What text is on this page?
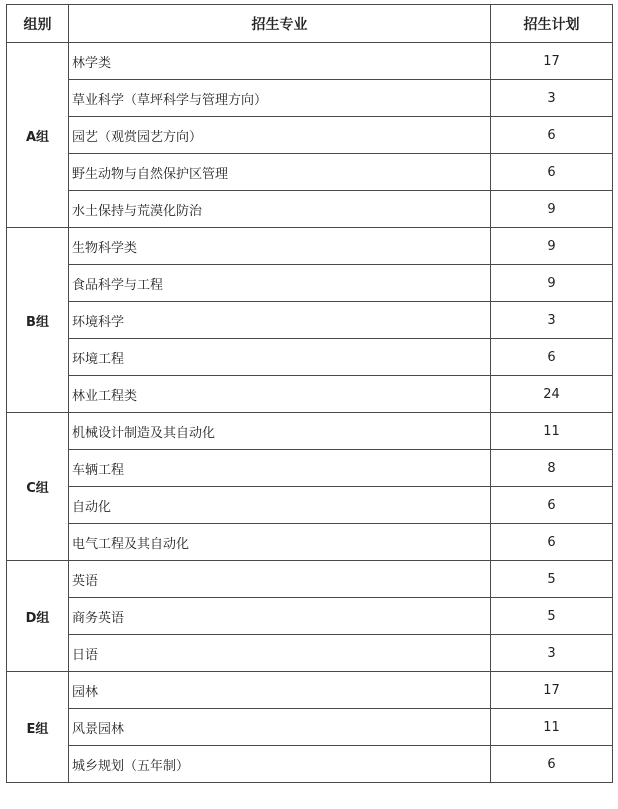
组别	招生专业	招生计划
A组	林学类	17
	草业科学（草坪科学与管理方向）	3
	园艺（观赏园艺方向）	6
	野生动物与自然保护区管理	6
	水土保持与荒漠化防治	9
B组	生物科学类	9
	食品科学与工程	9
	环境科学	3
	环境工程	6
	林业工程类	24
C组	机械设计制造及其自动化	11
	车辆工程	8
	自动化	6
	电气工程及其自动化	6
D组	英语	5
	商务英语	5
	日语	3
E组	园林	17
	风景园林	11
	城乡规划（五年制）	6
